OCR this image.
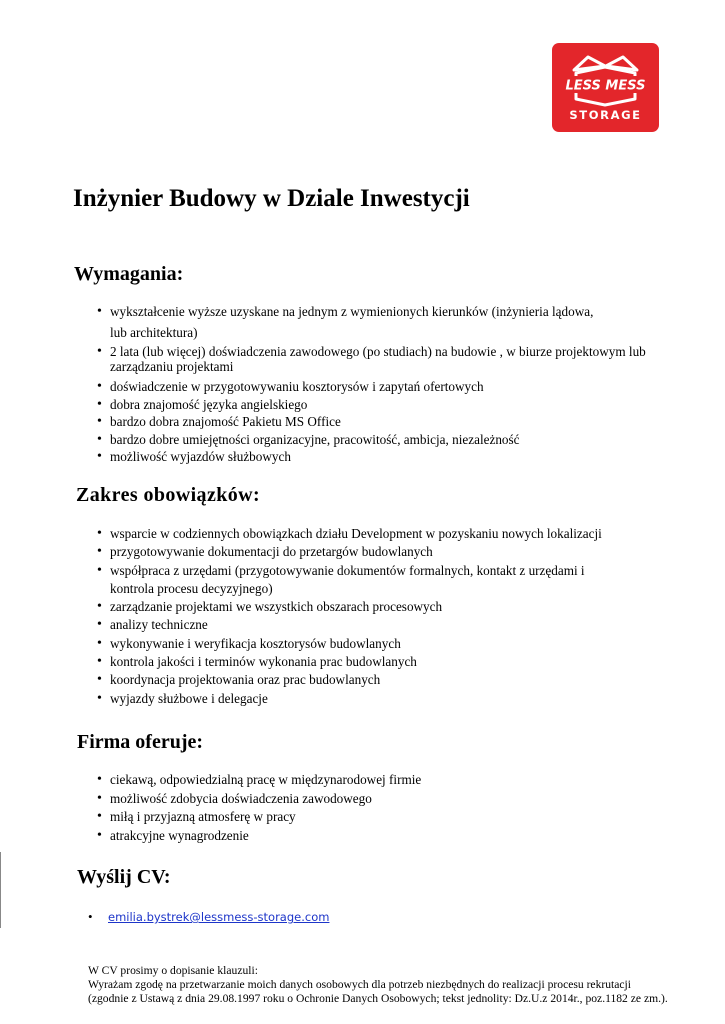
LESS MESS
STORAGE
Inżynier Budowy w Dziale Inwestycji
Wymagania:
• wykształcenie wyższe uzyskane na jednym z wymienionych kierunków (inżynieria lądowa,
lub architektura)
• 2 lata (lub więcej) doświadczenia zawodowego (po studiach) na budowie , w biurze projektowym lub
zarządzaniu projektami
• doświadczenie w przygotowywaniu kosztorysów i zapytań ofertowych
• dobra znajomość języka angielskiego
• bardzo dobra znajomość Pakietu MS Office
• bardzo dobre umiejętności organizacyjne, pracowitość, ambicja, niezależność
• możliwość wyjazdów służbowych
Zakres obowiązków:
• wsparcie w codziennych obowiązkach działu Development w pozyskaniu nowych lokalizacji
• przygotowywanie dokumentacji do przetargów budowlanych
• współpraca z urzędami (przygotowywanie dokumentów formalnych, kontakt z urzędami i
kontrola procesu decyzyjnego)
• zarządzanie projektami we wszystkich obszarach procesowych
• analizy techniczne
• wykonywanie i weryfikacja kosztorysów budowlanych
• kontrola jakości i terminów wykonania prac budowlanych
• koordynacja projektowania oraz prac budowlanych
• wyjazdy służbowe i delegacje
Firma oferuje:
• ciekawą, odpowiedzialną pracę w międzynarodowej firmie
• możliwość zdobycia doświadczenia zawodowego
• miłą i przyjazną atmosferę w pracy
• atrakcyjne wynagrodzenie
Wyślij CV:
• emilia.bystrek@lessmess-storage.com
W CV prosimy o dopisanie klauzuli:
Wyrażam zgodę na przetwarzanie moich danych osobowych dla potrzeb niezbędnych do realizacji procesu rekrutacji
(zgodnie z Ustawą z dnia 29.08.1997 roku o Ochronie Danych Osobowych; tekst jednolity: Dz.U.z 2014r., poz.1182 ze zm.).
